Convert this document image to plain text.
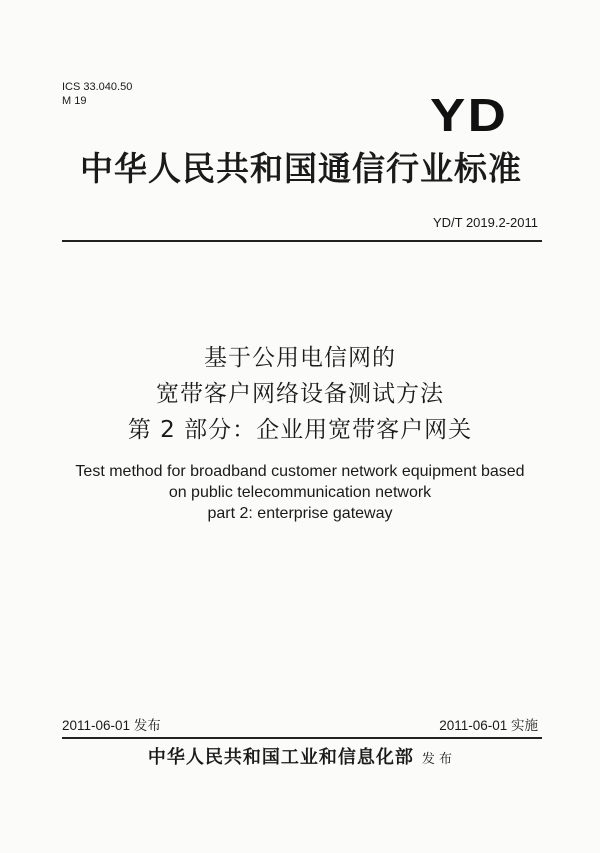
ICS 33.040.50
M 19	YD
中华人民共和国通信行业标准
YD/T 2019.2-2011
基于公用电信网的
宽带客户网络设备测试方法
第 2 部分：企业用宽带客户网关
Test method for broadband customer network equipment based
on public telecommunication network
part 2: enterprise gateway
2011-06-01 发布	2011-06-01 实施
中华人民共和国工业和信息化部 发 布
